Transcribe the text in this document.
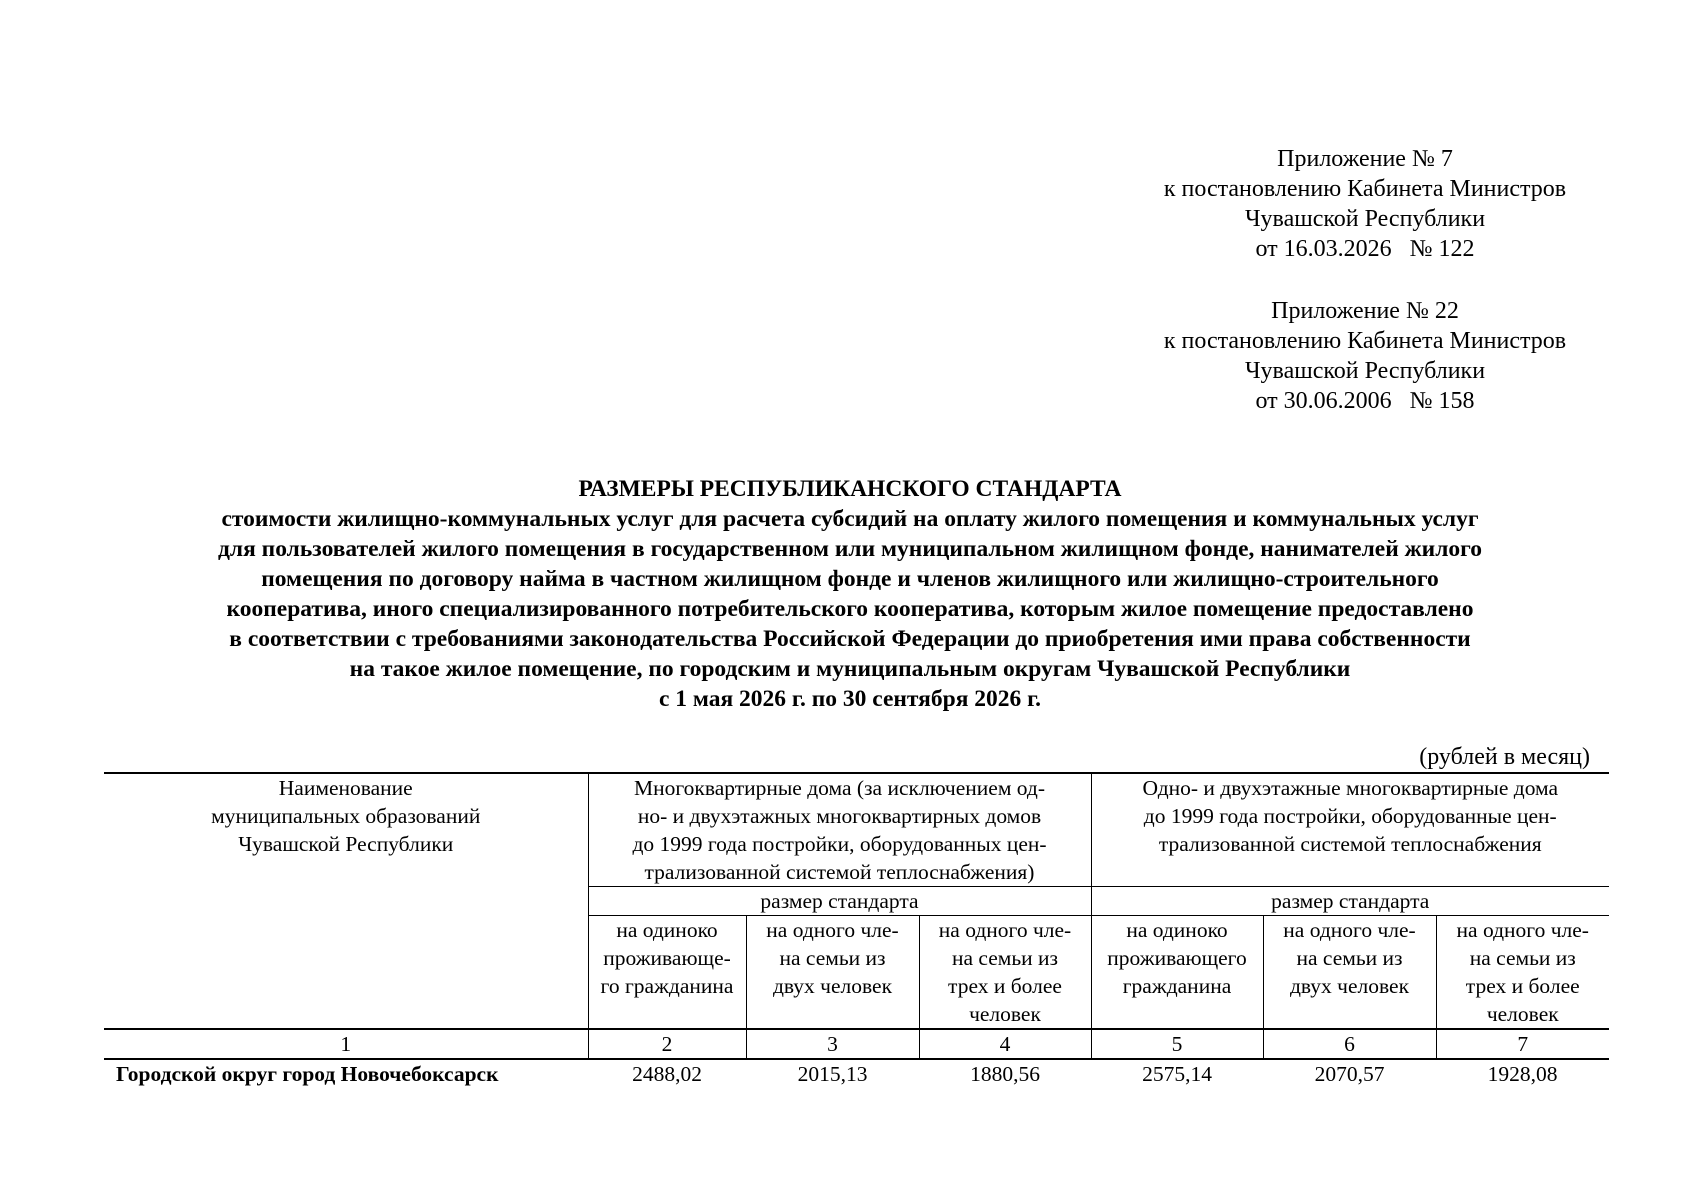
Приложение № 7
к постановлению Кабинета Министров
Чувашской Республики
от 16.03.2026   № 122
Приложение № 22
к постановлению Кабинета Министров
Чувашской Республики
от 30.06.2006   № 158
РАЗМЕРЫ РЕСПУБЛИКАНСКОГО СТАНДАРТА
стоимости жилищно-коммунальных услуг для расчета субсидий на оплату жилого помещения и коммунальных услуг
для пользователей жилого помещения в государственном или муниципальном жилищном фонде, нанимателей жилого
помещения по договору найма в частном жилищном фонде и членов жилищного или жилищно-строительного
кооператива, иного специализированного потребительского кооператива, которым жилое помещение предоставлено
в соответствии с требованиями законодательства Российской Федерации до приобретения ими права собственности
на такое жилое помещение, по городским и муниципальным округам Чувашской Республики
с 1 мая 2026 г. по 30 сентября 2026 г.
(рублей в месяц)
Наименование
муниципальных образований
Чувашской Республики	Многоквартирные дома (за исключением од-
но- и двухэтажных многоквартирных домов
до 1999 года постройки, оборудованных цен-
трализованной системой теплоснабжения)			Одно- и двухэтажные многоквартирные дома
до 1999 года постройки, оборудованные цен-
трализованной системой теплоснабжения		

	размер стандарта			размер стандарта		

	на одиноко
проживающе-
го гражданина	на одного чле-
на семьи из
двух человек	на одного чле-
на семьи из
трех и более
человек	на одиноко
проживающего
гражданина	на одного чле-
на семьи из
двух человек	на одного чле-
на семьи из
трех и более
человек

1	2	3	4	5	6	7
Городской округ город Новочебоксарск	2488,02	2015,13	1880,56	2575,14	2070,57	1928,08
